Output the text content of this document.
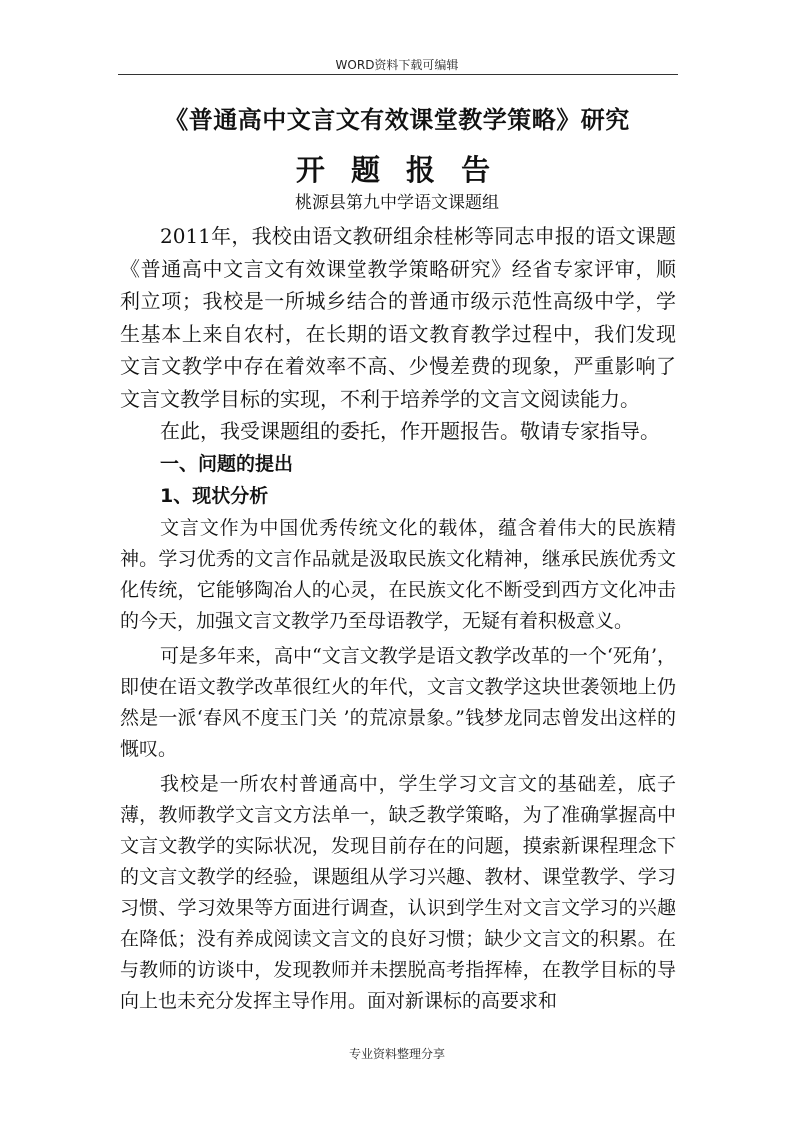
WORD资料下载可编辑
《普通高中文言文有效课堂教学策略》研究
开 题 报 告
桃源县第九中学语文课题组

2011年，我校由语文教研组余桂彬等同志申报的语文课题《普通高中文言文有效课堂教学策略研究》经省专家评审，顺利立项；我校是一所城乡结合的普通市级示范性高级中学，学生基本上来自农村，在长期的语文教育教学过程中，我们发现文言文教学中存在着效率不高、少慢差费的现象，严重影响了文言文教学目标的实现，不利于培养学的文言文阅读能力。

在此，我受课题组的委托，作开题报告。敬请专家指导。

一、问题的提出

1、现状分析

文言文作为中国优秀传统文化的载体，蕴含着伟大的民族精神。学习优秀的文言作品就是汲取民族文化精神，继承民族优秀文化传统，它能够陶冶人的心灵，在民族文化不断受到西方文化冲击的今天，加强文言文教学乃至母语教学，无疑有着积极意义。

可是多年来，高中“文言文教学是语文教学改革的一个‘死角’，即使在语文教学改革很红火的年代，文言文教学这块世袭领地上仍然是一派‘春风不度玉门关 ’的荒凉景象。”钱梦龙同志曾发出这样的慨叹。

我校是一所农村普通高中，学生学习文言文的基础差，底子薄，教师教学文言文方法单一，缺乏教学策略，为了准确掌握高中文言文教学的实际状况，发现目前存在的问题，摸索新课程理念下的文言文教学的经验，课题组从学习兴趣、教材、课堂教学、学习习惯、学习效果等方面进行调查，认识到学生对文言文学习的兴趣在降低；没有养成阅读文言文的良好习惯；缺少文言文的积累。在与教师的访谈中，发现教师并未摆脱高考指挥棒，在教学目标的导向上也未充分发挥主导作用。面对新课标的高要求和

专业资料整理分享
